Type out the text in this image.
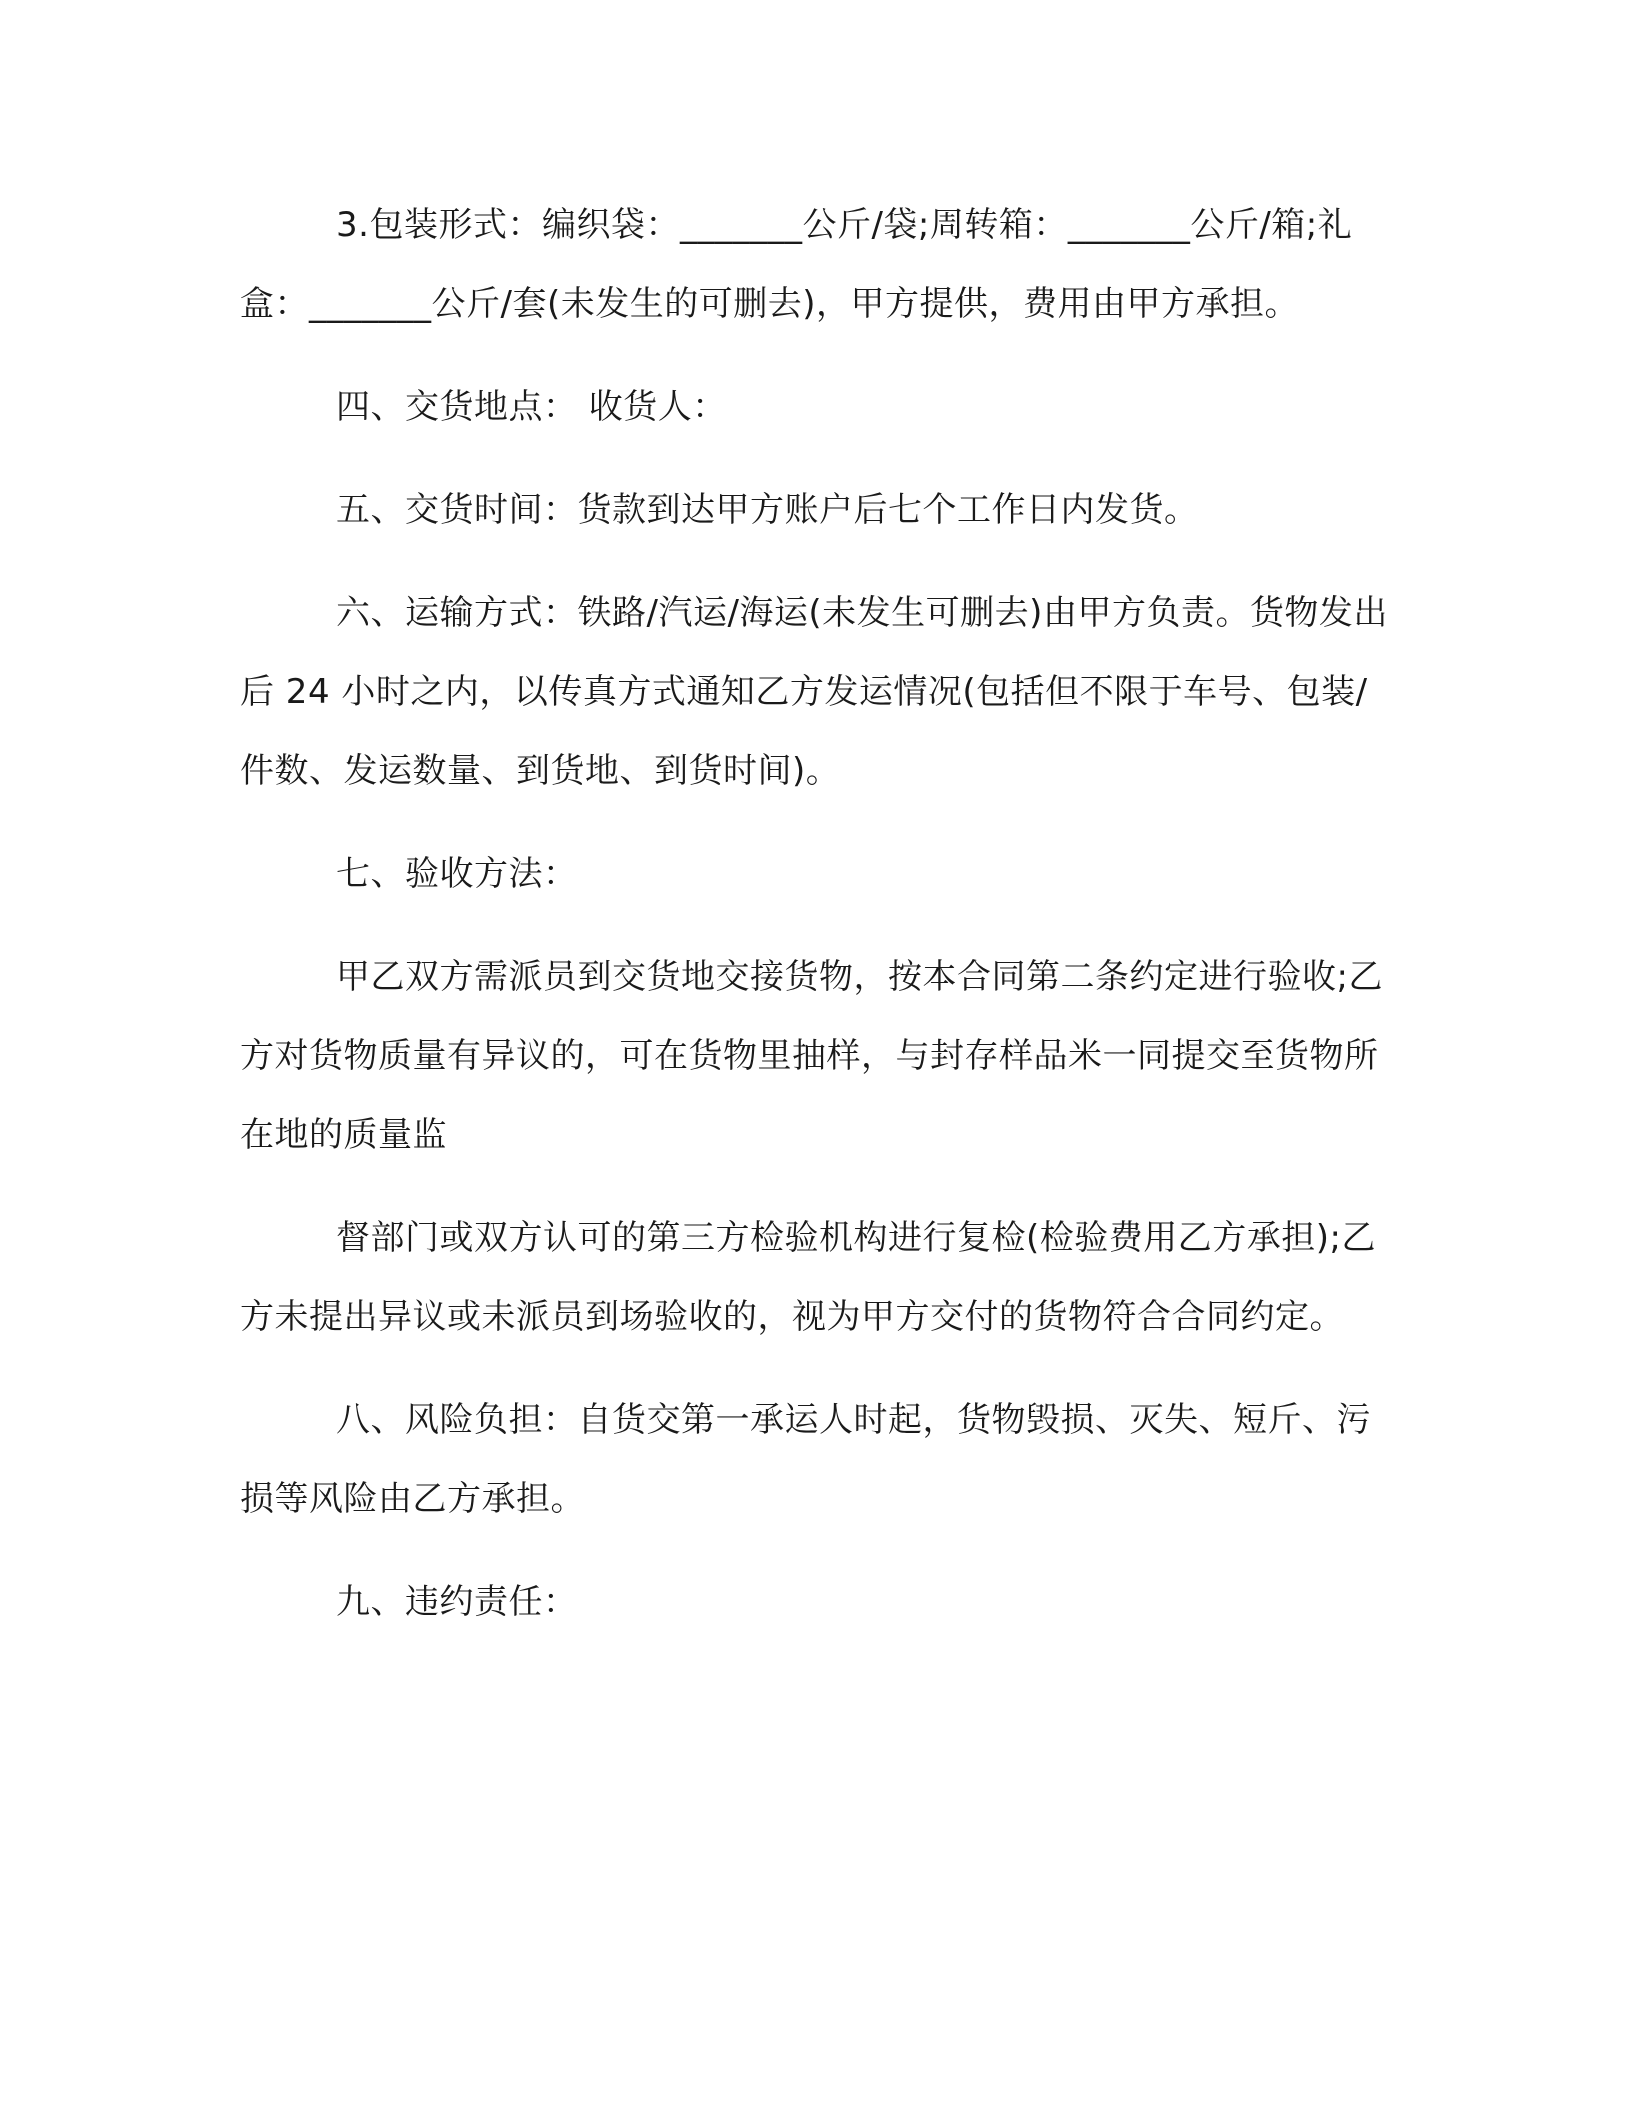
3.包装形式：编织袋：_______公斤/袋;周转箱：_______公斤/箱;礼盒：_______公斤/套(未发生的可删去)，甲方提供，费用由甲方承担。

四、交货地点： 收货人：

五、交货时间：货款到达甲方账户后七个工作日内发货。

六、运输方式：铁路/汽运/海运(未发生可删去)由甲方负责。货物发出后 24 小时之内，以传真方式通知乙方发运情况(包括但不限于车号、包装/件数、发运数量、到货地、到货时间)。

七、验收方法：

甲乙双方需派员到交货地交接货物，按本合同第二条约定进行验收;乙方对货物质量有异议的，可在货物里抽样，与封存样品米一同提交至货物所在地的质量监

督部门或双方认可的第三方检验机构进行复检(检验费用乙方承担);乙方未提出异议或未派员到场验收的，视为甲方交付的货物符合合同约定。

八、风险负担：自货交第一承运人时起，货物毁损、灭失、短斤、污损等风险由乙方承担。

九、违约责任：
